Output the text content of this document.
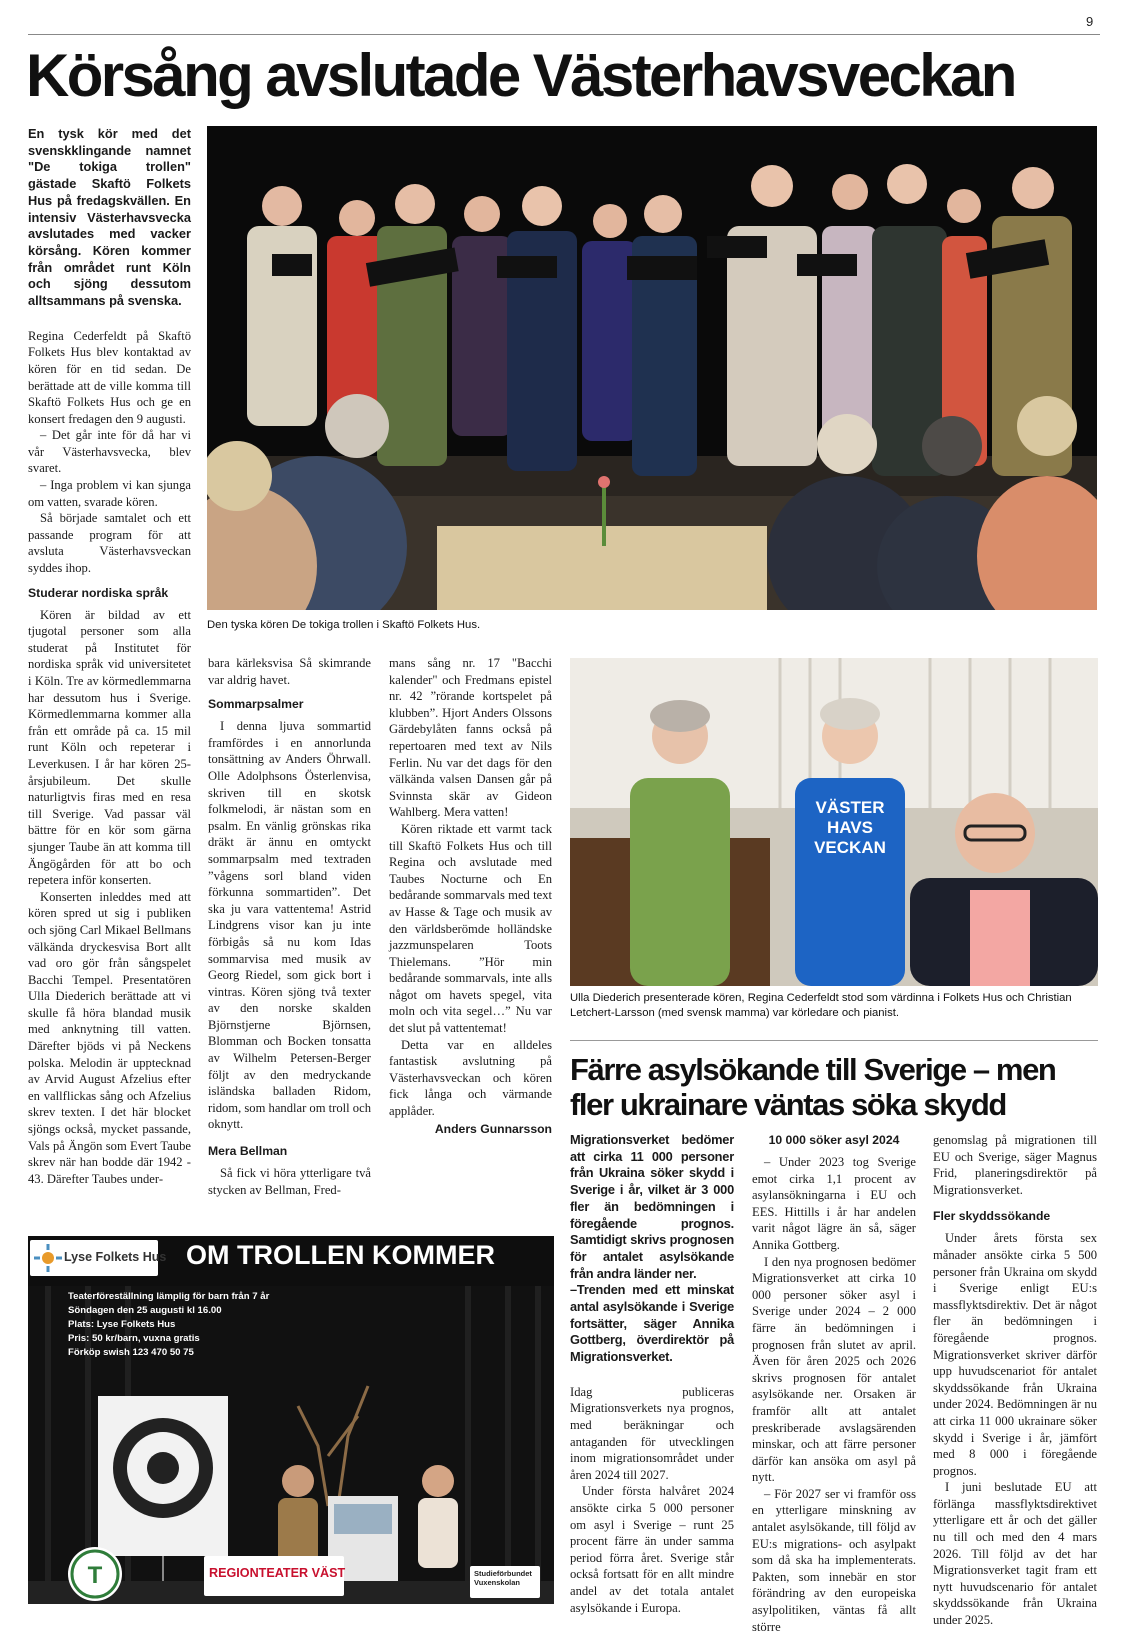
9
Körsång avslutade Västerhavsveckan
En tysk kör med det svenskklingande namnet "De tokiga trollen" gästade Skaftö Folkets Hus på fredagskvällen. En intensiv Västerhavsvecka avslutades med vacker körsång. Kören kommer från området runt Köln och sjöng dessutom alltsammans på svenska.

Regina Cederfeldt på Skaftö Folkets Hus blev kontaktad av kören för en tid sedan. De berättade att de ville komma till Skaftö Folkets Hus och ge en konsert fredagen den 9 augusti.

– Det går inte för då har vi vår Västerhavsvecka, blev svaret.

– Inga problem vi kan sjunga om vatten, svarade kören.

Så började samtalet och ett passande program för att avsluta Västerhavsveckan syddes ihop.

Studerar nordiska språk

Kören är bildad av ett tjugotal personer som alla studerat på Institutet för nordiska språk vid universitetet i Köln. Tre av körmedlemmarna har dessutom hus i Sverige. Körmedlemmarna kommer alla från ett område på ca. 15 mil runt Köln och repeterar i Leverkusen. I år har kören 25-årsjubileum. Det skulle naturligtvis firas med en resa till Sverige. Vad passar väl bättre för en kör som gärna sjunger Taube än att komma till Ängögården för att bo och repetera inför konserten.

Konserten inleddes med att kören spred ut sig i publiken och sjöng Carl Mikael Bellmans välkända dryckesvisa Bort allt vad oro gör från sångspelet Bacchi Tempel. Presentatören Ulla Diederich berättade att vi skulle få höra blandad musik med anknytning till vatten. Därefter bjöds vi på Neckens polska. Melodin är upptecknad av Arvid August Afzelius efter en vallflickas sång och Afzelius skrev texten. I det här blocket sjöngs också, mycket passande, Vals på Ängön som Evert Taube skrev när han bodde där 1942 - 43. Därefter Taubes under-

Den tyska kören De tokiga trollen i Skaftö Folkets Hus.

bara kärleksvisa Så skimrande var aldrig havet.

Sommarpsalmer

I denna ljuva sommartid framfördes i en annorlunda tonsättning av Anders Öhrwall. Olle Adolphsons Österlenvisa, skriven till en skotsk folkmelodi, är nästan som en psalm. En vänlig grönskas rika dräkt är ännu en omtyckt sommarpsalm med textraden ”vågens sorl bland viden förkunna sommartiden”. Det ska ju vara vattentema! Astrid Lindgrens visor kan ju inte förbigås så nu kom Idas sommarvisa med musik av Georg Riedel, som gick bort i vintras. Kören sjöng två texter av den norske skalden Björnstjerne Björnsen, Blomman och Bocken tonsatta av Wilhelm Petersen-Berger följt av den medryckande isländska balladen Ridom, ridom, som handlar om troll och oknytt.

Mera Bellman

Så fick vi höra ytterligare två stycken av Bellman, Fred-

mans sång nr. 17 "Bacchi kalender" och Fredmans epistel nr. 42 ”rörande kortspelet på klubben”. Hjort Anders Olssons Gärdebylåten fanns också på repertoaren med text av Nils Ferlin. Nu var det dags för den välkända valsen Dansen går på Svinnsta skär av Gideon Wahlberg. Mera vatten!

Kören riktade ett varmt tack till Skaftö Folkets Hus och till Regina och avslutade med Taubes Nocturne och En bedårande sommarvals med text av Hasse & Tage och musik av den världsberömde holländske jazzmunspelaren Toots Thielemans. ”Hör min bedårande sommarvals, inte alls något om havets spegel, vita moln och vita segel…” Nu var det slut på vattentemat!

Detta var en alldeles fantastisk avslutning på Västerhavsveckan och kören fick långa och värmande applåder.

Anders Gunnarsson
VÄSTER
HAVS
VECKAN
Ulla Diederich presenterade kören, Regina Cederfeldt stod som värdinna i Folkets Hus och Christian Letchert-Larsson (med svensk mamma) var körledare och pianist.
Färre asylsökande till Sverige – men fler ukrainare väntas söka skydd
Migrationsverket bedömer att cirka 11 000 personer från Ukraina söker skydd i Sverige i år, vilket är 3 000 fler än bedömningen i föregående prognos. Samtidigt skrivs prognosen för antalet asylsökande från andra länder ner.
–Trenden med ett minskat antal asylsökande i Sverige fortsätter, säger Annika Gottberg, överdirektör på Migrationsverket.

Idag publiceras Migrationsverkets nya prognos, med beräkningar och antaganden för utvecklingen inom migrationsområdet under åren 2024 till 2027.

Under första halvåret 2024 ansökte cirka 5 000 personer om asyl i Sverige – runt 25 procent färre än under samma period förra året. Sverige står också fortsatt för en allt mindre andel av det totala antalet asylsökande i Europa.

10 000 söker asyl 2024

– Under 2023 tog Sverige emot cirka 1,1 procent av asylansökningarna i EU och EES. Hittills i år har andelen varit något lägre än så, säger Annika Gottberg.

I den nya prognosen bedömer Migrationsverket att cirka 10 000 personer söker asyl i Sverige under 2024 – 2 000 färre än bedömningen i prognosen från slutet av april. Även för åren 2025 och 2026 skrivs prognosen för antalet asylsökande ner. Orsaken är framför allt att antalet preskriberade avslagsärenden minskar, och att färre personer därför kan ansöka om asyl på nytt.

– För 2027 ser vi framför oss en ytterligare minskning av antalet asylsökande, till följd av EU:s migrations- och asylpakt som då ska ha implementerats. Pakten, som innebär en stor förändring av den europeiska asylpolitiken, väntas få allt större

genomslag på migrationen till EU och Sverige, säger Magnus Frid, planeringsdirektör på Migrationsverket.

Fler skyddssökande

Under årets första sex månader ansökte cirka 5 500 personer från Ukraina om skydd i Sverige enligt EU:s massflyktsdirektiv. Det är något fler än bedömningen i föregående prognos. Migrationsverket skriver därför upp huvudscenariot för antalet skyddssökande från Ukraina under 2024. Bedömningen är nu att cirka 11 000 ukrainare söker skydd i Sverige i år, jämfört med 8 000 i föregående prognos.

I juni beslutade EU att förlänga massflyktsdirektivet ytterligare ett år och det gäller nu till och med den 4 mars 2026. Till följd av det har Migrationsverket tagit fram ett nytt huvudscenario för antalet skyddssökande från Ukraina under 2025.

Lyse Folkets Hus OM TROLLEN KOMMER
Teaterföreställning lämplig för barn från 7 år
Söndagen den 25 augusti kl 16.00
Plats: Lyse Folkets Hus
Pris: 50 kr/barn, vuxna gratis
Förköp swish 123 470 50 75
T	REGIONTEATER VÄST	Studieförbundet Vuxenskolan
